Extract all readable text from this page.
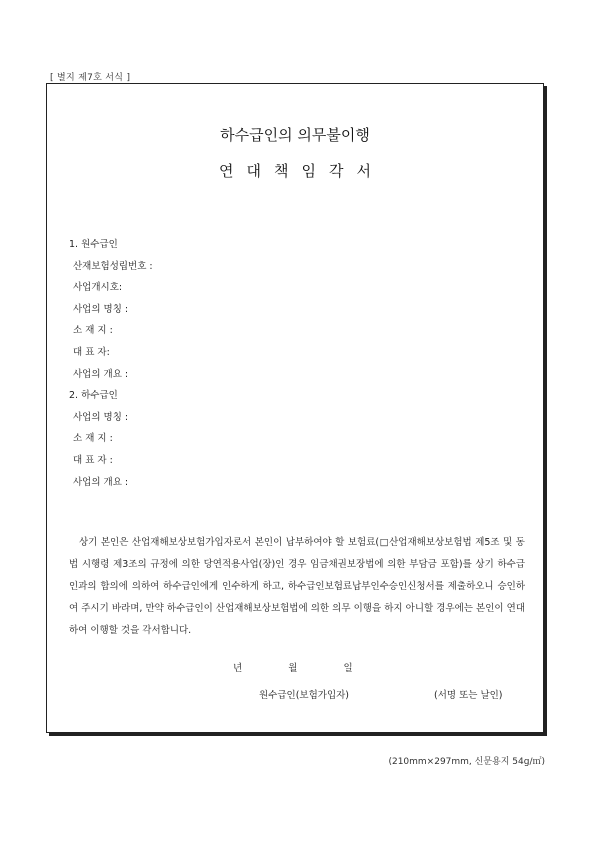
[ 별지 제7호 서식 ]
하수급인의 의무불이행
연대책임각서
1. 원수급인
산재보험성립번호 :
사업개시호:
사업의 명칭 :
소 재 지 :
대 표 자:
사업의 개요 :
2. 하수급인
사업의 명칭 :
소 재 지 :
대 표 자 :
사업의 개요 :
상기 본인은 산업재해보상보험가입자로서 본인이 납부하여야 할 보험료(□산업재해보상보험법 제5조 및 동법 시행령 제3조의 규정에 의한 당연적용사업(장)인 경우 임금채권보장법에 의한 부담금 포함)를 상기 하수급인과의 합의에 의하여 하수급인에게 인수하게 하고, 하수급인보험료납부인수승인신청서를 제출하오니 승인하여 주시기 바라며, 만약 하수급인이 산업재해보상보험법에 의한 의무 이행을 하지 아니할 경우에는 본인이 연대하여 이행할 것을 각서합니다.
년	월	일
원수급인(보험가입자)	(서명 또는 날인)
(210mm×297mm, 신문용지 54g/㎡)
